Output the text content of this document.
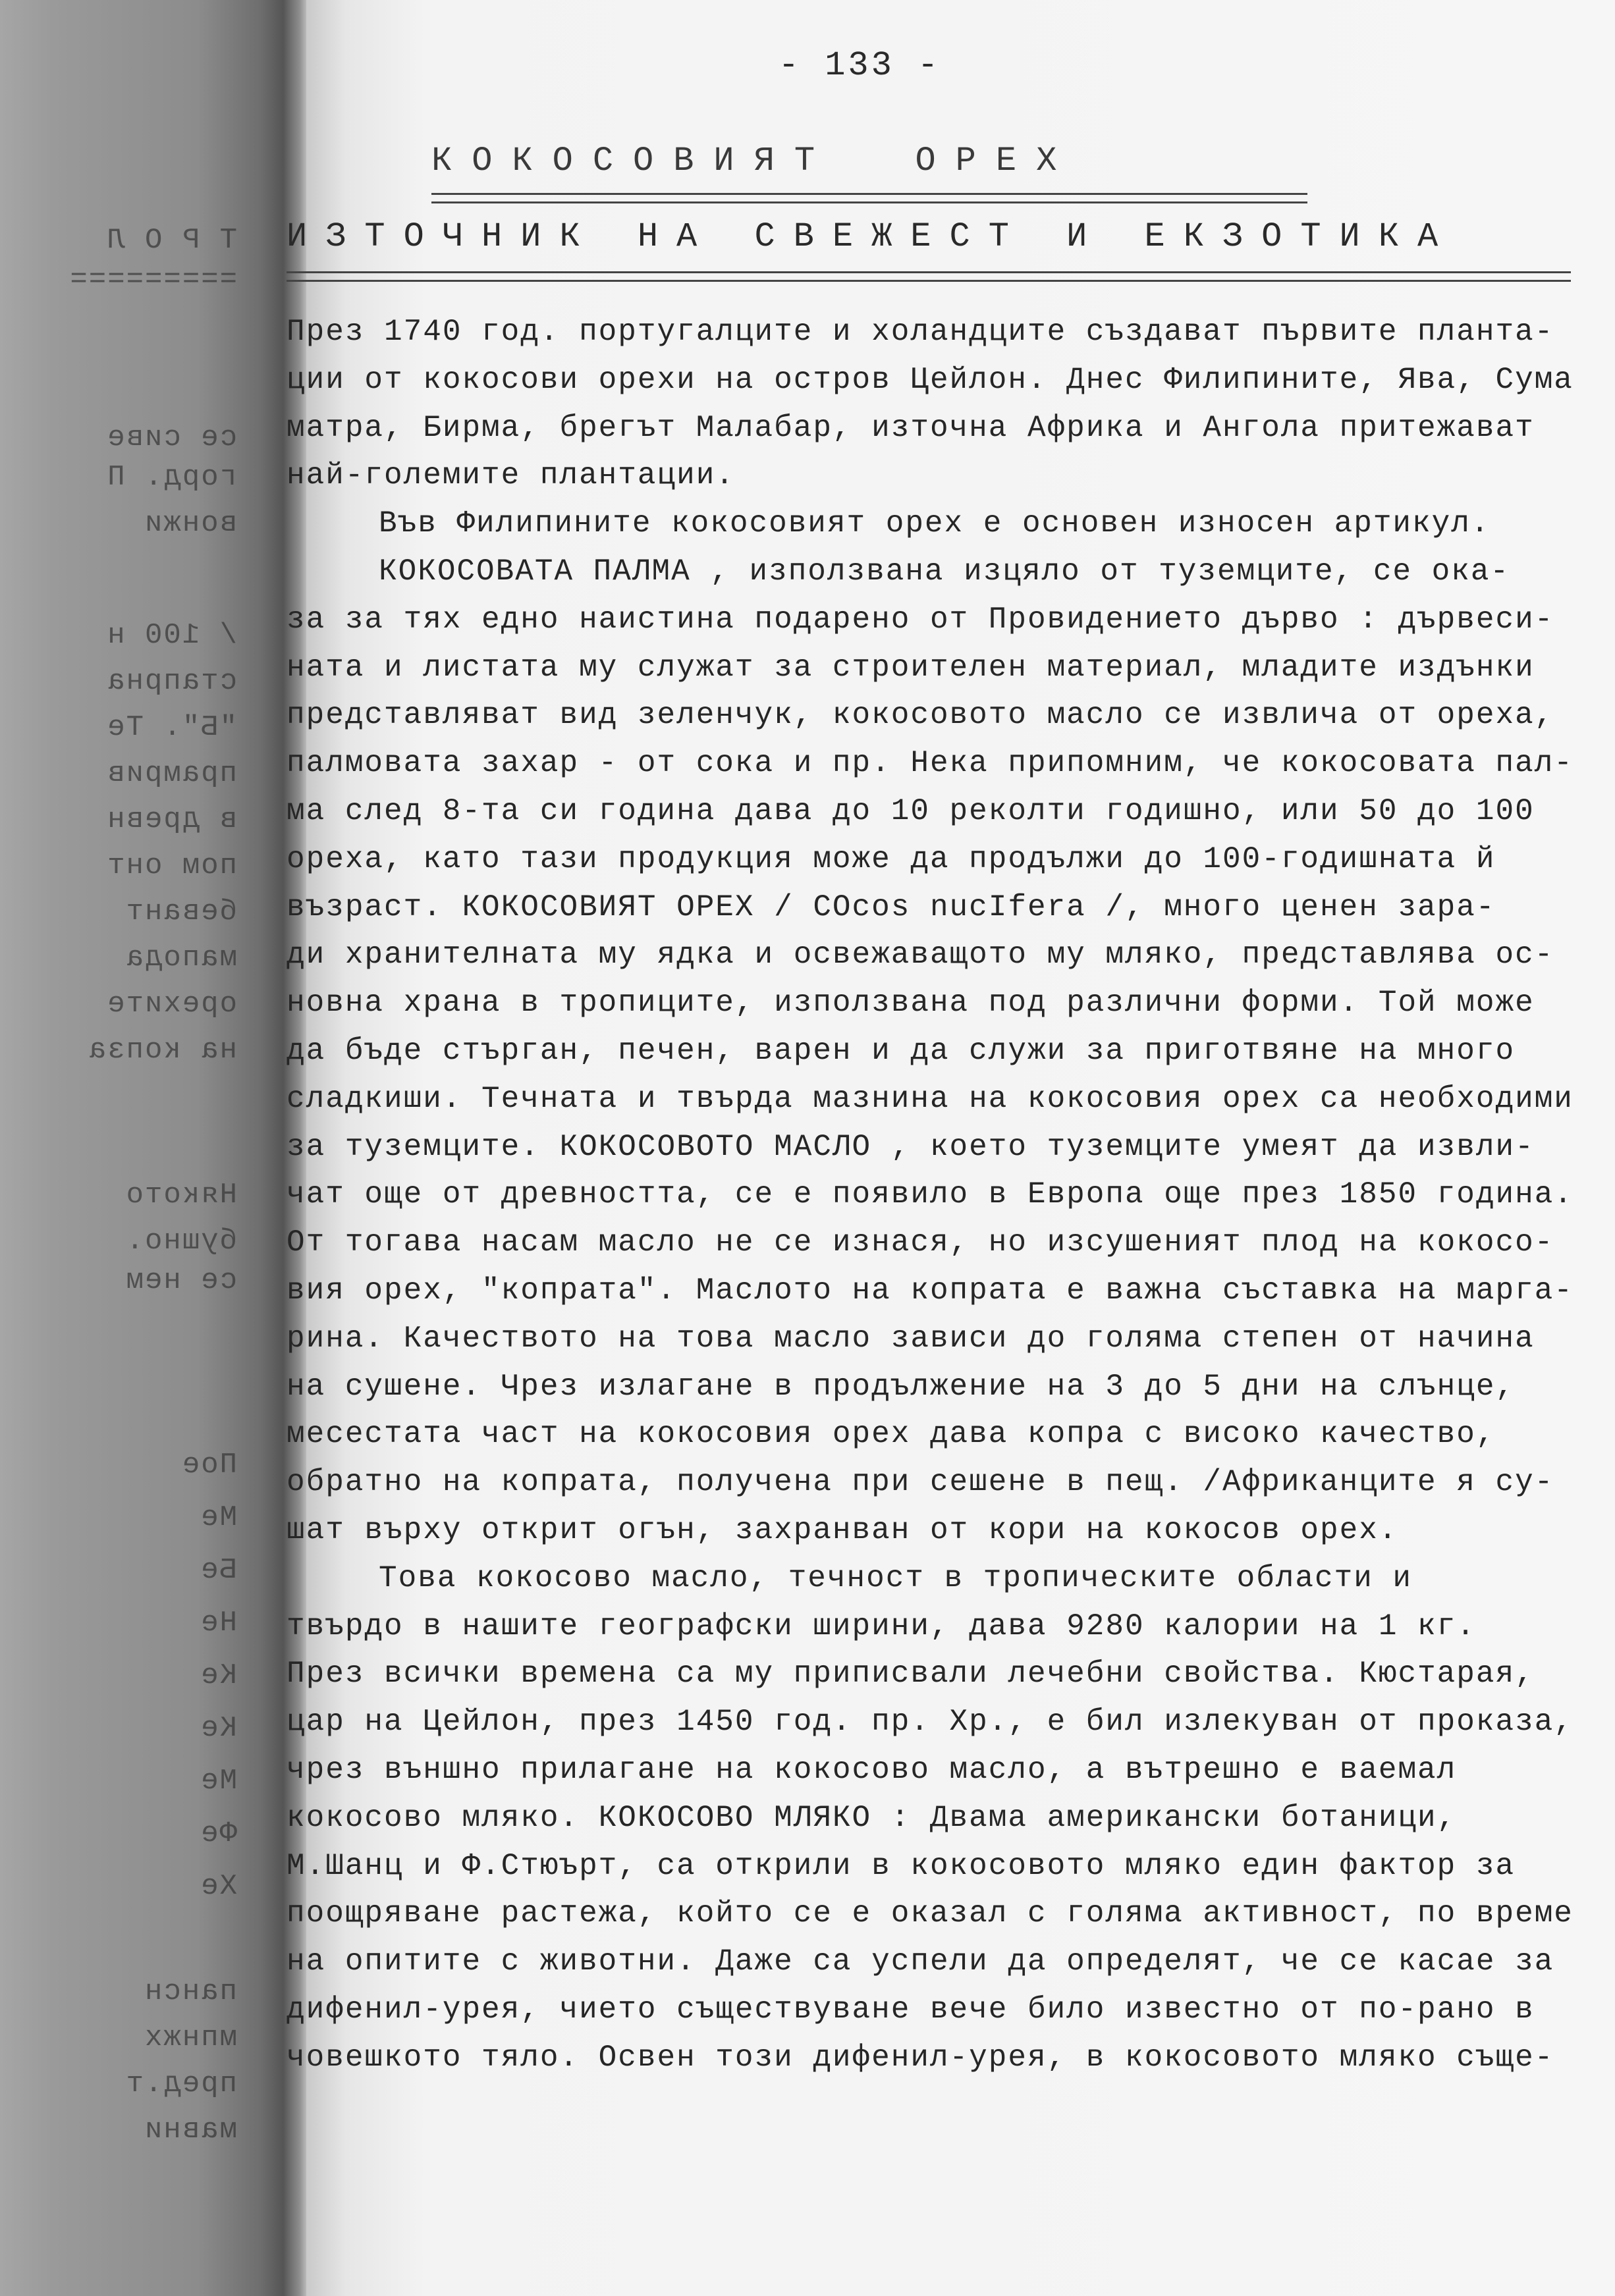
Т Р О Л
=========
се сиве
горд. П
вонжи
/ 100 н
стапрна
"Б". Те
прамрив
в древн
пом онт
бевант
мапода
орехите
на копза
Някото
бушно.
се нем
Пое
Ме
Бе
Не
Ке
Ке
Ме
Фе
Хе
пансн
мпнжх
пред.т
мавни
- 133 -
КОКОСОВИЯТ  ОРЕХ
ИЗТОЧНИК НА СВЕЖЕСТ И ЕКЗОТИКА
През 1740 год. португалците и холандците създават първите планта-
ции от кокосови орехи на остров Цейлон. Днес Филипините, Ява, Сума
матра, Бирма, брегът Малабар, източна Африка и Ангола притежават
най-големите плантации.
Във Филипините кокосовият орех е основен износен артикул.
КОКОСОВАТА ПАЛМА , използвана изцяло от туземците, се ока-
за за тях едно наистина подарено от Провидението дърво : дървеси-
ната и листата му служат за строителен материал, младите издънки
представляват вид зеленчук, кокосовото масло се извлича от ореха,
палмовата захар - от сока и пр. Нека припомним, че кокосовата пал-
ма след 8-та си година дава до 10 реколти годишно, или 50 до 100
ореха, като тази продукция може да продължи до 100-годишната й
възраст. КОКОСОВИЯТ ОРЕХ / COcos nucIfera /, много ценен зара-
ди хранителната му ядка и освежаващото му мляко, представлява ос-
новна храна в тропиците, използвана под различни форми. Той може
да бъде стърган, печен, варен и да служи за приготвяне на много
сладкиши. Течната и твърда мазнина на кокосовия орех са необходими
за туземците. КОКОСОВОТО МАСЛО , което туземците умеят да извли-
чат още от древността, се е появило в Европа още през 1850 година.
От тогава насам масло не се изнася, но изсушеният плод на кокосо-
вия орех, "копрата". Маслото на копрата е важна съставка на марга-
рина. Качеството на това масло зависи до голяма степен от начина
на сушене. Чрез излагане в продължение на 3 до 5 дни на слънце,
месестата част на кокосовия орех дава копра с високо качество,
обратно на копрата, получена при сешене в пещ. /Африканците я су-
шат върху открит огън, захранван от кори на кокосов орех.
Това кокосово масло, течност в тропическите области и
твърдо в нашите географски ширини, дава 9280 калории на 1 кг.
През всички времена са му приписвали лечебни свойства. Кюстарая,
цар на Цейлон, през 1450 год. пр. Хр., е бил излекуван от проказа,
чрез външно прилагане на кокосово масло, а вътрешно е ваемал
кокосово мляко. КОКОСОВО МЛЯКО : Двама американски ботаници,
М.Шанц и Ф.Стюърт, са открили в кокосовото мляко един фактор за
поощряване растежа, който се е оказал с голяма активност, по време
на опитите с животни. Даже са успели да определят, че се касае за
дифенил-урея, чието съществуване вече било известно от по-рано в
човешкото тяло. Освен този дифенил-урея, в кокосовото мляко съще-
